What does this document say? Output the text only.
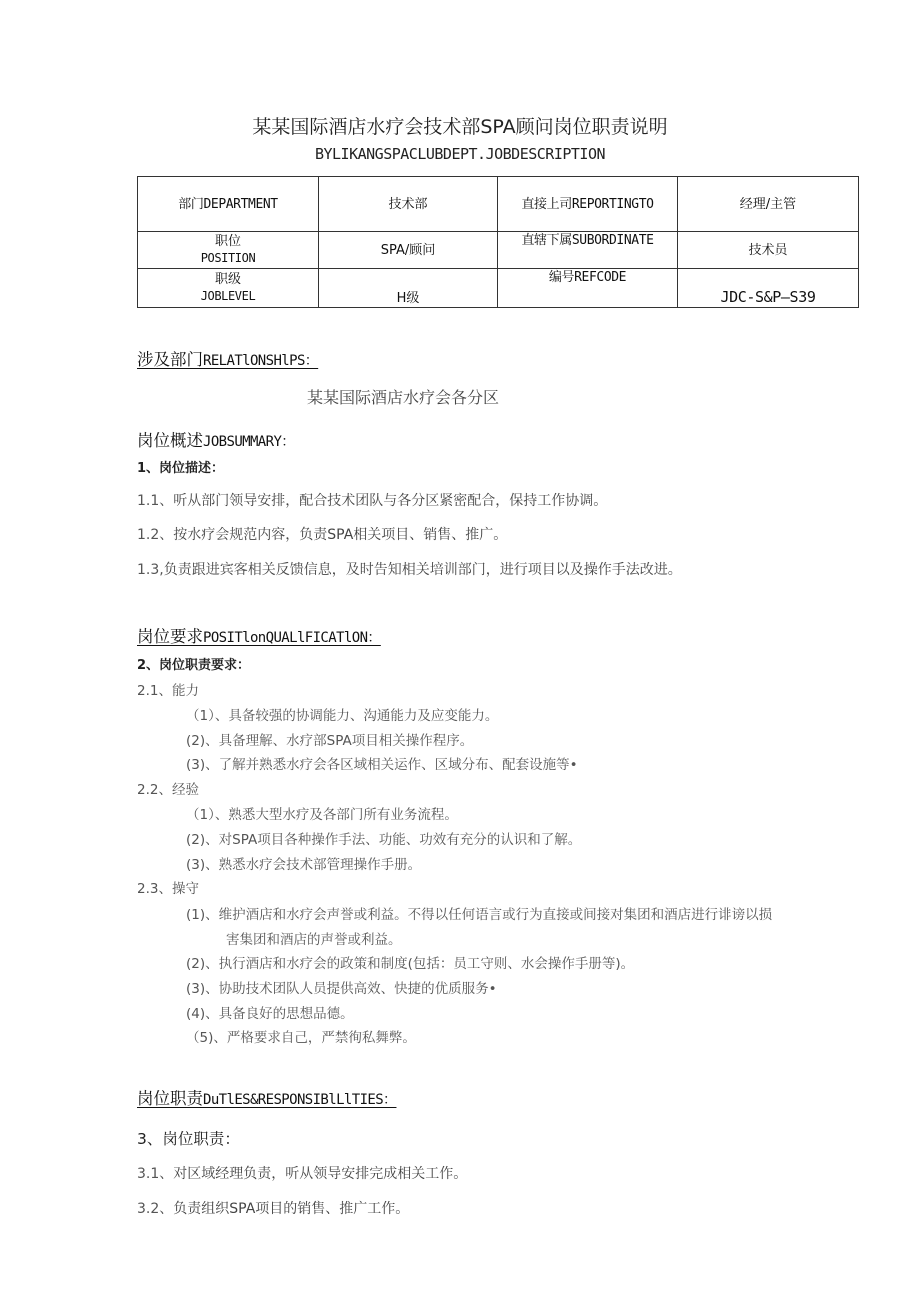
某某国际酒店水疗会技术部SPA顾问岗位职责说明
BYLIKANGSPACLUBDEPT.JOBDESCRIPTION
部门DEPARTMENT	技术部	直接上司REPORTINGTO	经理/主管

职位
POSITION	SPA/顾问	直辖下属SUBORDINATE	技术员

职级
JOBLEVEL	H级	编号REFCODE	JDC-S&P—S39
涉及部门RELATlONSHlPS：
某某国际酒店水疗会各分区
岗位概述JOBSUMMARY：
1、岗位描述：
1.1、听从部门领导安排，配合技术团队与各分区紧密配合，保持工作协调。
1.2、按水疗会规范内容，负责SPA相关项目、销售、推广。
1.3,负责跟进宾客相关反馈信息，及时告知相关培训部门，进行项目以及操作手法改进。
岗位要求POSITlonQUALlFICATlON：
2、岗位职责要求：
2.1、能力
（1）、具备较强的协调能力、沟通能力及应变能力。
(2)、具备理解、水疗部SPA项目相关操作程序。
(3)、了解并熟悉水疗会各区域相关运作、区域分布、配套设施等•
2.2、经验
（1）、熟悉大型水疗及各部门所有业务流程。
(2)、对SPA项目各种操作手法、功能、功效有充分的认识和了解。
(3)、熟悉水疗会技术部管理操作手册。
2.3、操守
(1)、维护酒店和水疗会声誉或利益。不得以任何语言或行为直接或间接对集团和酒店进行诽谤以损
害集团和酒店的声誉或利益。
(2)、执行酒店和水疗会的政策和制度(包括：员工守则、水会操作手册等)。
(3)、协助技术团队人员提供高效、快捷的优质服务•
(4)、具备良好的思想品德。
（5)、严格要求自己，严禁徇私舞弊。
岗位职责DuTlES&RESPONSIBlLlTIES：
3、岗位职责：
3.1、对区域经理负责，听从领导安排完成相关工作。
3.2、负责组织SPA项目的销售、推广工作。
